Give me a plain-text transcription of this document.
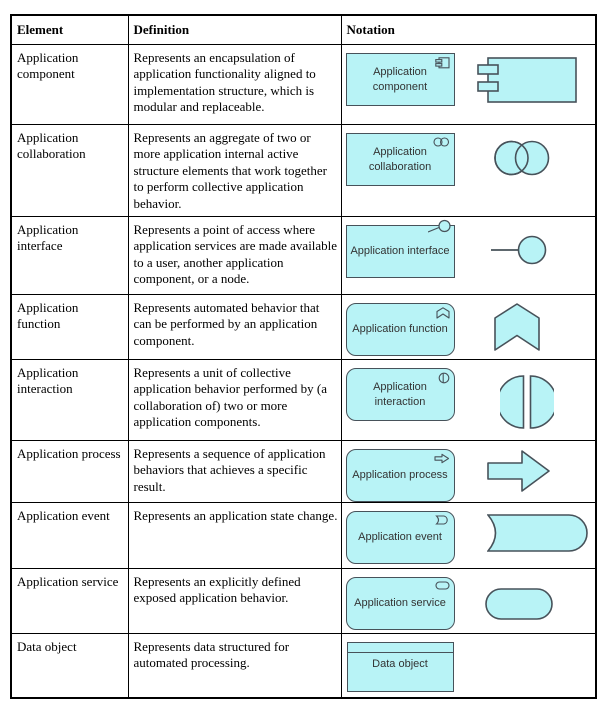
Element	Definition	Notation
Application component	Represents an encapsulation of application functionality aligned to implementation structure, which is modular and replaceable.	Application component

Application collaboration	Represents an aggregate of two or more application internal active structure elements that work together to perform collective application behavior.	Application collaboration

Application interface	Represents a point of access where application services are made available to a user, another application component, or a node.	Application interface

Application function	Represents automated behavior that can be performed by an application component.	Application function

Application interaction	Represents a unit of collective application behavior performed by (a collaboration of) two or more application components.	Application interaction

Application process	Represents a sequence of application behaviors that achieves a specific result.	Application process

Application event	Represents an application state change.	Application event

Application service	Represents an explicitly defined exposed application behavior.	Application service

Data object	Represents data structured for automated processing.	Data object
